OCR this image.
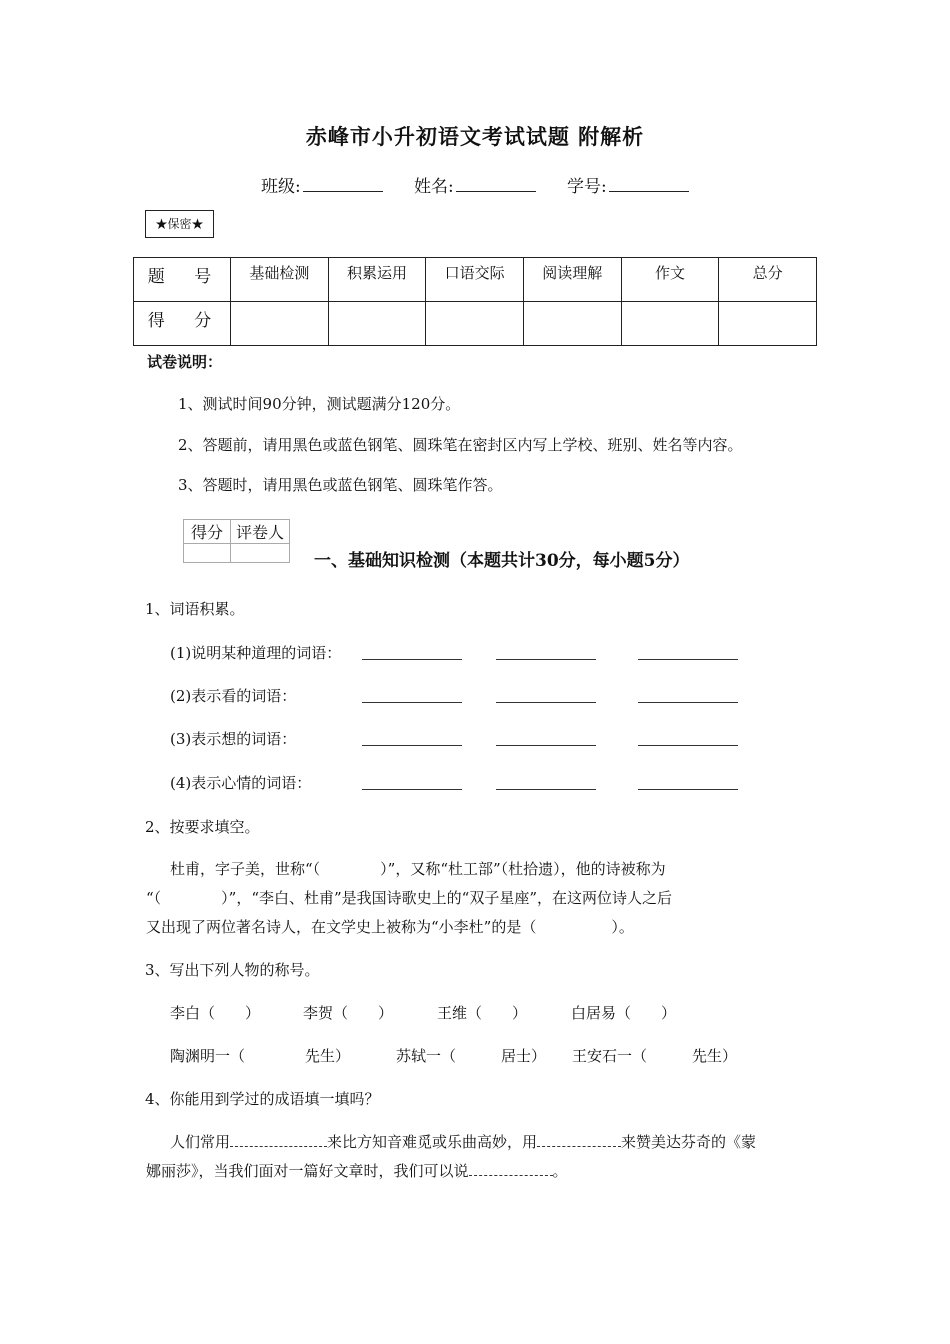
赤峰市小升初语文考试试题 附解析
班级:	姓名:	学号:
★保密★
题 号	基础检测	积累运用	口语交际	阅读理解	作文	总分
得 分						
试卷说明：
1、测试时间90分钟，测试题满分120分。
2、答题前，请用黑色或蓝色钢笔、圆珠笔在密封区内写上学校、班别、姓名等内容。
3、答题时，请用黑色或蓝色钢笔、圆珠笔作答。
得分	评卷人

一、基础知识检测（本题共计30分，每小题5分）
1、词语积累。
(1)说明某种道理的词语：
(2)表示看的词语：
(3)表示想的词语：
(4)表示心情的词语：
2、按要求填空。
杜甫，字子美，世称“（　　　　）”，又称“杜工部”（杜拾遗），他的诗被称为
“（　　　　）”，“李白、杜甫”是我国诗歌史上的“双子星座”，在这两位诗人之后
又出现了两位著名诗人，在文学史上被称为“小李杜”的是（　　　　　）。
3、写出下列人物的称号。
李白（　　）	李贺（　　）	王维（　　）	白居易（　　）
陶渊明一（　　　　先生）	苏轼一（　　　居士） 王安石一（　　　先生）
4、你能用到学过的成语填一填吗？
人们常用	来比方知音难觅或乐曲高妙，用	来赞美达芬奇的《蒙
娜丽莎》，当我们面对一篇好文章时，我们可以说	。
